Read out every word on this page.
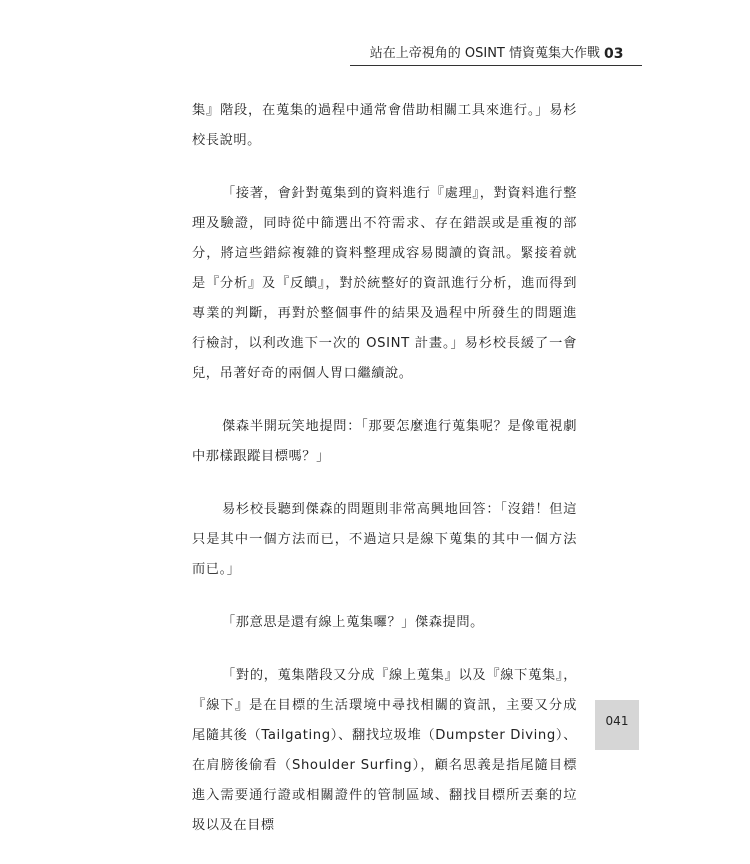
站在上帝視角的 OSINT 情資蒐集大作戰 03

集』階段，在蒐集的過程中通常會借助相關工具來進行。」易杉校長說明。

「接著，會針對蒐集到的資料進行『處理』，對資料進行整理及驗證，同時從中篩選出不符需求、存在錯誤或是重複的部分，將這些錯綜複雜的資料整理成容易閱讀的資訊。緊接着就是『分析』及『反饋』，對於統整好的資訊進行分析，進而得到專業的判斷，再對於整個事件的結果及過程中所發生的問題進行檢討，以利改進下一次的 OSINT 計畫。」易杉校長緩了一會兒，吊著好奇的兩個人胃口繼續說。

傑森半開玩笑地提問：「那要怎麼進行蒐集呢？是像電視劇中那樣跟蹤目標嗎？」

易杉校長聽到傑森的問題則非常高興地回答：「沒錯！但這只是其中一個方法而已，不過這只是線下蒐集的其中一個方法而已。」

「那意思是還有線上蒐集囉？」傑森提問。

「對的，蒐集階段又分成『線上蒐集』以及『線下蒐集』，『線下』是在目標的生活環境中尋找相關的資訊，主要又分成尾隨其後（Tailgating）、翻找垃圾堆（Dumpster Diving）、在肩膀後偷看（Shoulder Surfing），顧名思義是指尾隨目標進入需要通行證或相關證件的管制區域、翻找目標所丟棄的垃圾以及在目標

041
